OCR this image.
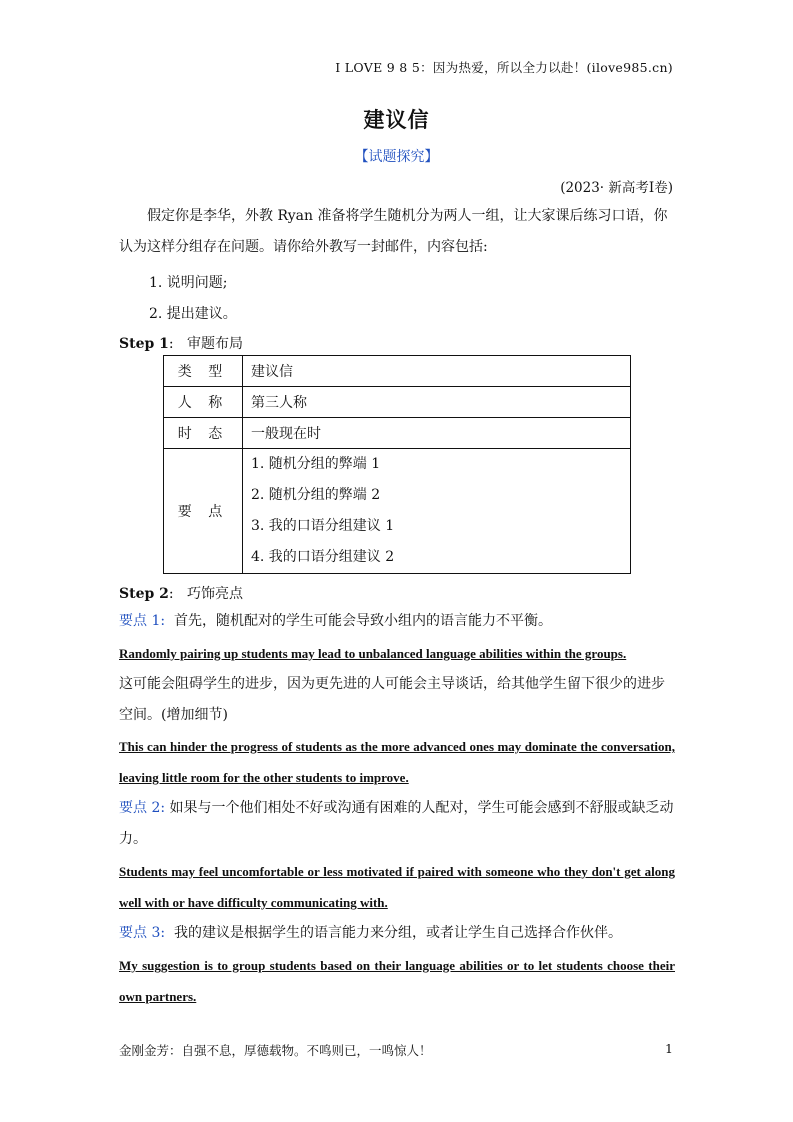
I LOVE 9 8 5：因为热爱，所以全力以赴！(ilove985.cn)
建议信
【试题探究】
(2023· 新高考Ⅰ卷)
假定你是李华，外教 Ryan 准备将学生随机分为两人一组，让大家课后练习口语，你认为这样分组存在问题。请你给外教写一封邮件，内容包括:
1. 说明问题;
2. 提出建议。
Step 1:   审题布局
类 型	建议信
人 称	第三人称
时 态	一般现在时
要 点	1. 随机分组的弊端 1
2. 随机分组的弊端 2
3. 我的口语分组建议 1
4. 我的口语分组建议 2
Step 2:   巧饰亮点
要点 1:  首先，随机配对的学生可能会导致小组内的语言能力不平衡。
Randomly pairing up students may lead to unbalanced language abilities within the groups.
这可能会阻碍学生的进步，因为更先进的人可能会主导谈话，给其他学生留下很少的进步空间。(增加细节)
This can hinder the progress of students as the more advanced ones may dominate the conversation, leaving little room for the other students to improve.
要点 2: 如果与一个他们相处不好或沟通有困难的人配对，学生可能会感到不舒服或缺乏动力。
Students may feel uncomfortable or less motivated if paired with someone who they don't get along well with or have difficulty communicating with.
要点 3:  我的建议是根据学生的语言能力来分组，或者让学生自己选择合作伙伴。
My suggestion is to group students based on their language abilities or to let students choose their own partners.
金刚金芳：自强不息，厚德载物。不鸣则已，一鸣惊人！	1
